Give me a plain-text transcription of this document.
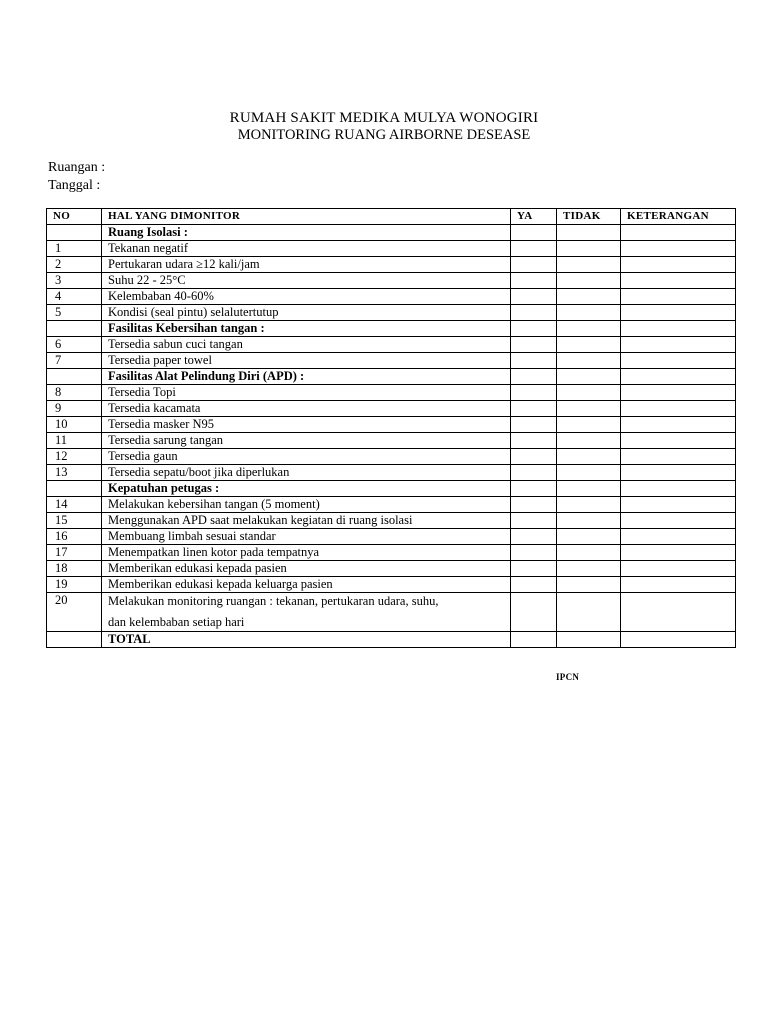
RUMAH SAKIT MEDIKA MULYA WONOGIRI
MONITORING RUANG AIRBORNE DESEASE
Ruangan :
Tanggal :
NO	HAL YANG DIMONITOR	YA	TIDAK	KETERANGAN
	Ruang Isolasi :			
1	Tekanan negatif			
2	Pertukaran udara ≥12 kali/jam			
3	Suhu 22 - 25°C			
4	Kelembaban 40-60%			
5	Kondisi (seal pintu) selalutertutup			
	Fasilitas Kebersihan tangan :			
6	Tersedia sabun cuci tangan			
7	Tersedia paper towel			
	Fasilitas Alat Pelindung Diri (APD) :			
8	Tersedia Topi			
9	Tersedia kacamata			
10	Tersedia masker N95			
11	Tersedia sarung tangan			
12	Tersedia gaun			
13	Tersedia sepatu/boot jika diperlukan			
	Kepatuhan petugas :			
14	Melakukan kebersihan tangan (5 moment)			
15	Menggunakan APD saat melakukan kegiatan di ruang isolasi			
16	Membuang limbah sesuai standar			
17	Menempatkan linen kotor pada tempatnya			
18	Memberikan edukasi kepada pasien			
19	Memberikan edukasi kepada keluarga pasien			
20	Melakukan monitoring ruangan : tekanan, pertukaran udara, suhu,
dan kelembaban setiap hari			

	TOTAL			
IPCN
